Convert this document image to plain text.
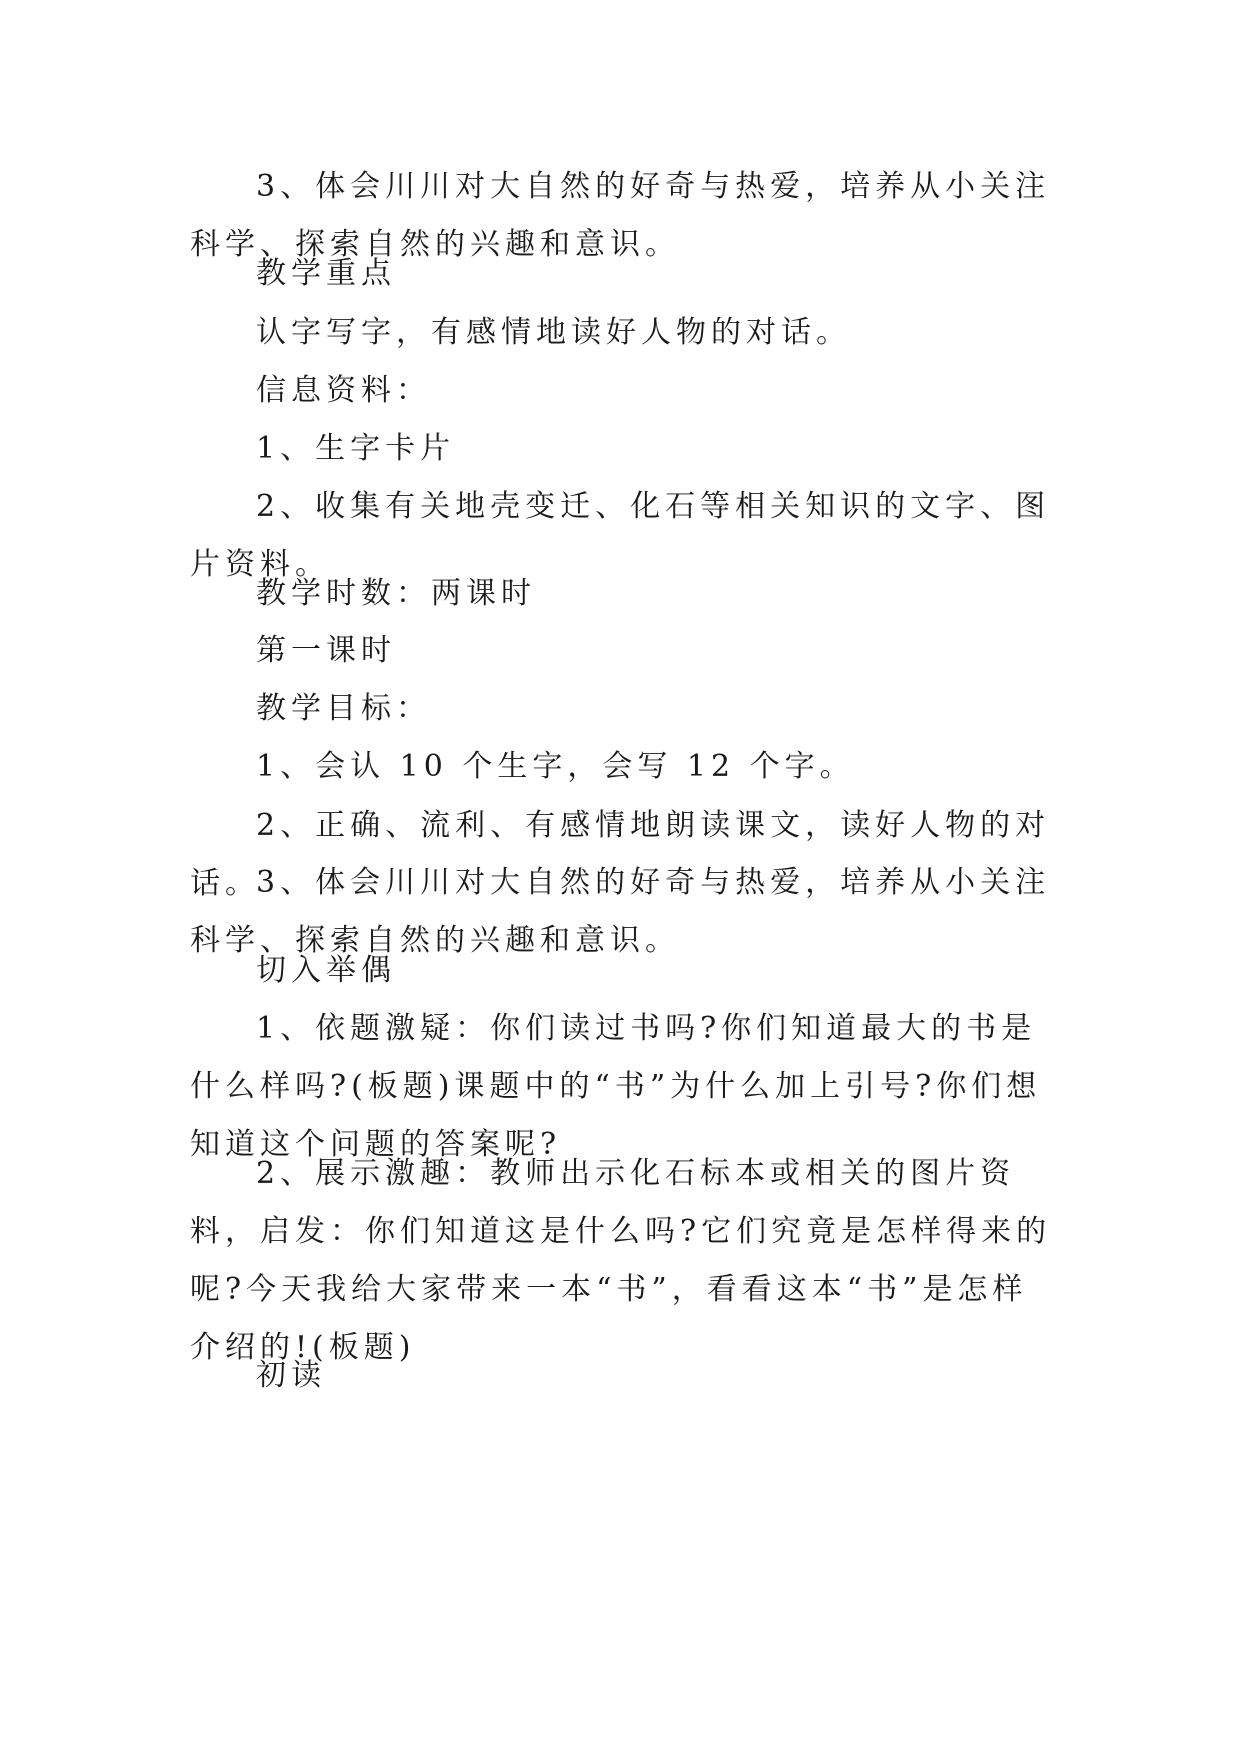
3、体会川川对大自然的好奇与热爱，培养从小关注科学、探索自然的兴趣和意识。

教学重点

认字写字，有感情地读好人物的对话。

信息资料：

1、生字卡片

2、收集有关地壳变迁、化石等相关知识的文字、图片资料。

教学时数：两课时

第一课时

教学目标：

1、会认 10 个生字，会写 12 个字。

2、正确、流利、有感情地朗读课文，读好人物的对话。

3、体会川川对大自然的好奇与热爱，培养从小关注科学、探索自然的兴趣和意识。

切入举偶

1、依题激疑：你们读过书吗?你们知道最大的书是什么样吗?(板题)课题中的“书”为什么加上引号?你们想知道这个问题的答案呢?

2、展示激趣：教师出示化石标本或相关的图片资料，启发：你们知道这是什么吗?它们究竟是怎样得来的呢?今天我给大家带来一本“书”，看看这本“书”是怎样介绍的!(板题)

初读
